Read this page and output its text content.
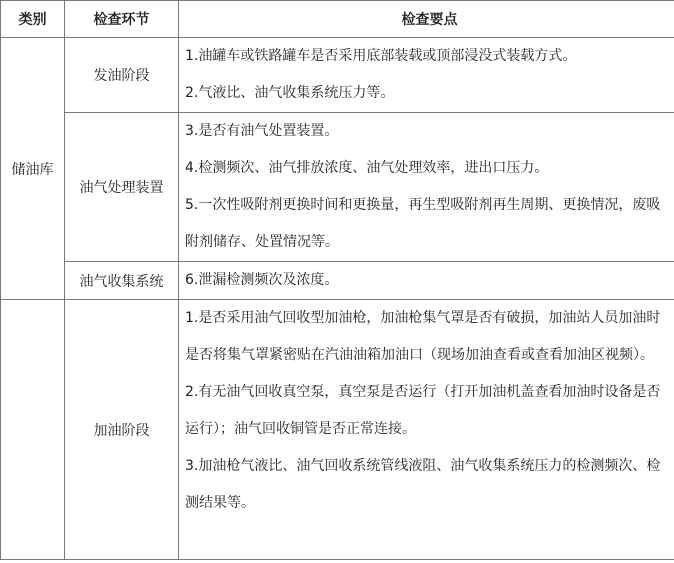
类别	检查环节	检查要点
储油库	发油阶段	1.油罐车或铁路罐车是否采用底部装载或顶部浸没式装载方式。
2.气液比、油气收集系统压力等。

	油气处理装置	3.是否有油气处置装置。
4.检测频次、油气排放浓度、油气处理效率，进出口压力。
5.一次性吸附剂更换时间和更换量，再生型吸附剂再生周期、更换情况，废吸附剂储存、处置情况等。

	油气收集系统	6.泄漏检测频次及浓度。

	加油阶段	1.是否采用油气回收型加油枪，加油枪集气罩是否有破损，加油站人员加油时是否将集气罩紧密贴在汽油油箱加油口（现场加油查看或查看加油区视频）。
2.有无油气回收真空泵，真空泵是否运行（打开加油机盖查看加油时设备是否运行）；油气回收铜管是否正常连接。
3.加油枪气液比、油气回收系统管线液阻、油气收集系统压力的检测频次、检测结果等。
